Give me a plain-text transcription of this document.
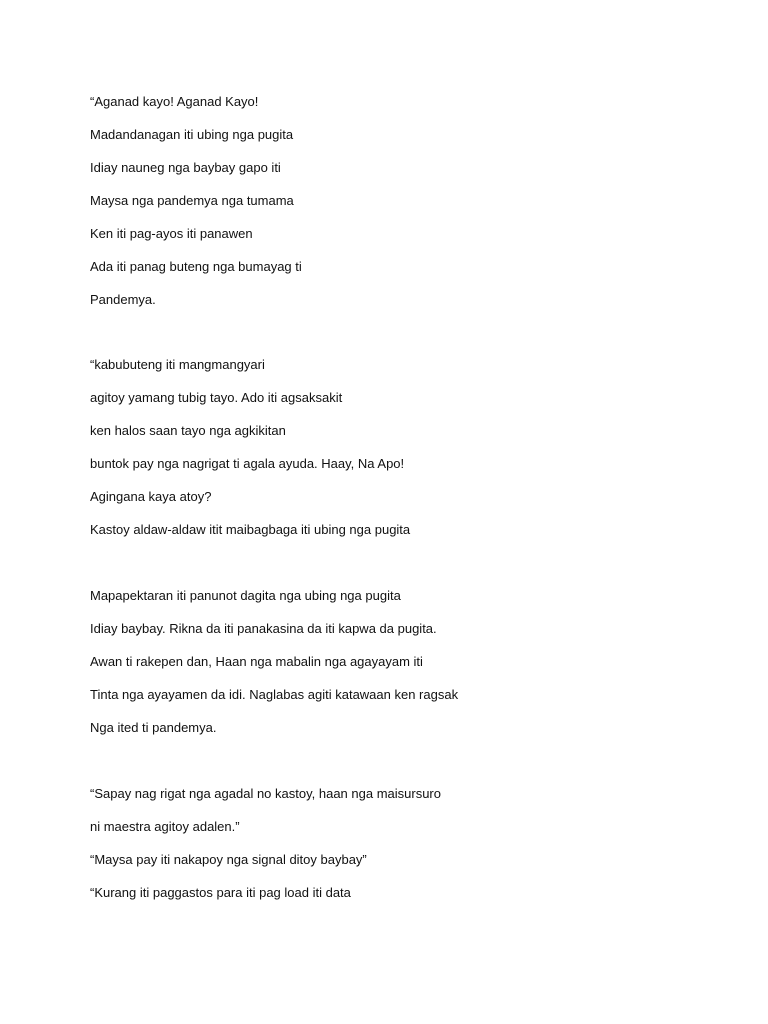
“Aganad kayo! Aganad Kayo!
Madandanagan iti ubing nga pugita
Idiay nauneg nga baybay gapo iti
Maysa nga pandemya nga tumama
Ken iti pag-ayos iti panawen
Ada iti panag buteng nga bumayag ti
Pandemya.
“kabubuteng iti mangmangyari
agitoy yamang tubig tayo. Ado iti agsaksakit
ken halos saan tayo nga agkikitan
buntok pay nga nagrigat ti agala ayuda. Haay, Na Apo!
Agingana kaya atoy?
Kastoy aldaw-aldaw itit maibagbaga iti ubing nga pugita
Mapapektaran iti panunot dagita nga ubing nga pugita
Idiay baybay. Rikna da iti panakasina da iti kapwa da pugita.
Awan ti rakepen dan, Haan nga mabalin nga agayayam iti
Tinta nga ayayamen da idi. Naglabas agiti katawaan ken ragsak
Nga ited ti pandemya.
“Sapay nag rigat nga agadal no kastoy, haan nga maisursuro
ni maestra agitoy adalen.”
“Maysa pay iti nakapoy nga signal ditoy baybay”
“Kurang iti paggastos para iti pag load iti data
